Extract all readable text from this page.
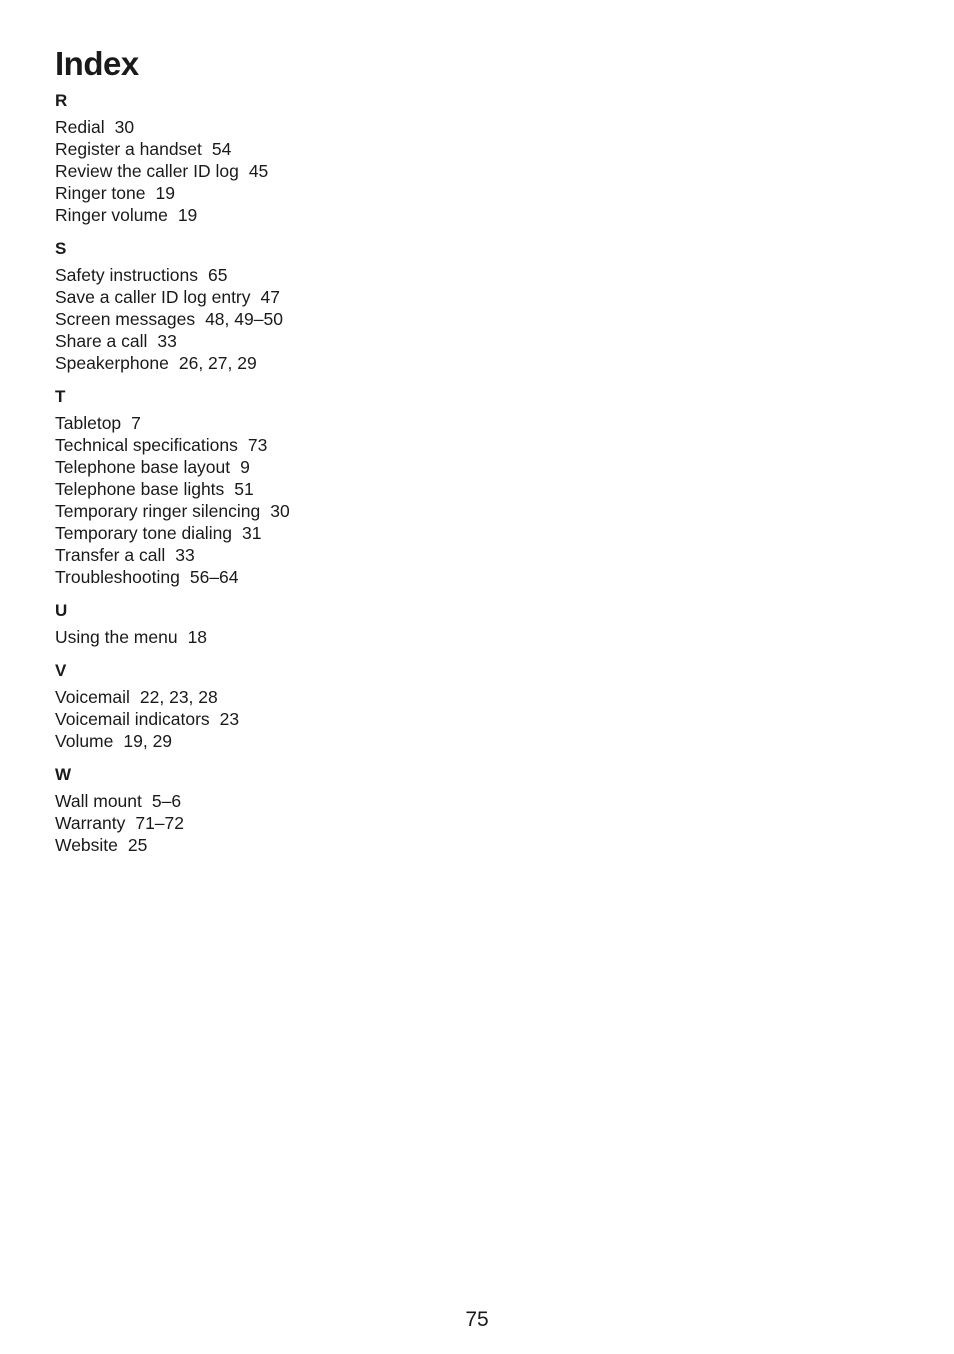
Index
R
Redial 30
Register a handset 54
Review the caller ID log 45
Ringer tone 19
Ringer volume 19
S
Safety instructions 65
Save a caller ID log entry 47
Screen messages 48, 49–50
Share a call 33
Speakerphone 26, 27, 29
T
Tabletop 7
Technical specifications 73
Telephone base layout 9
Telephone base lights 51
Temporary ringer silencing 30
Temporary tone dialing 31
Transfer a call 33
Troubleshooting 56–64
U
Using the menu 18
V
Voicemail 22, 23, 28
Voicemail indicators 23
Volume 19, 29
W
Wall mount 5–6
Warranty 71–72
Website 25
75
